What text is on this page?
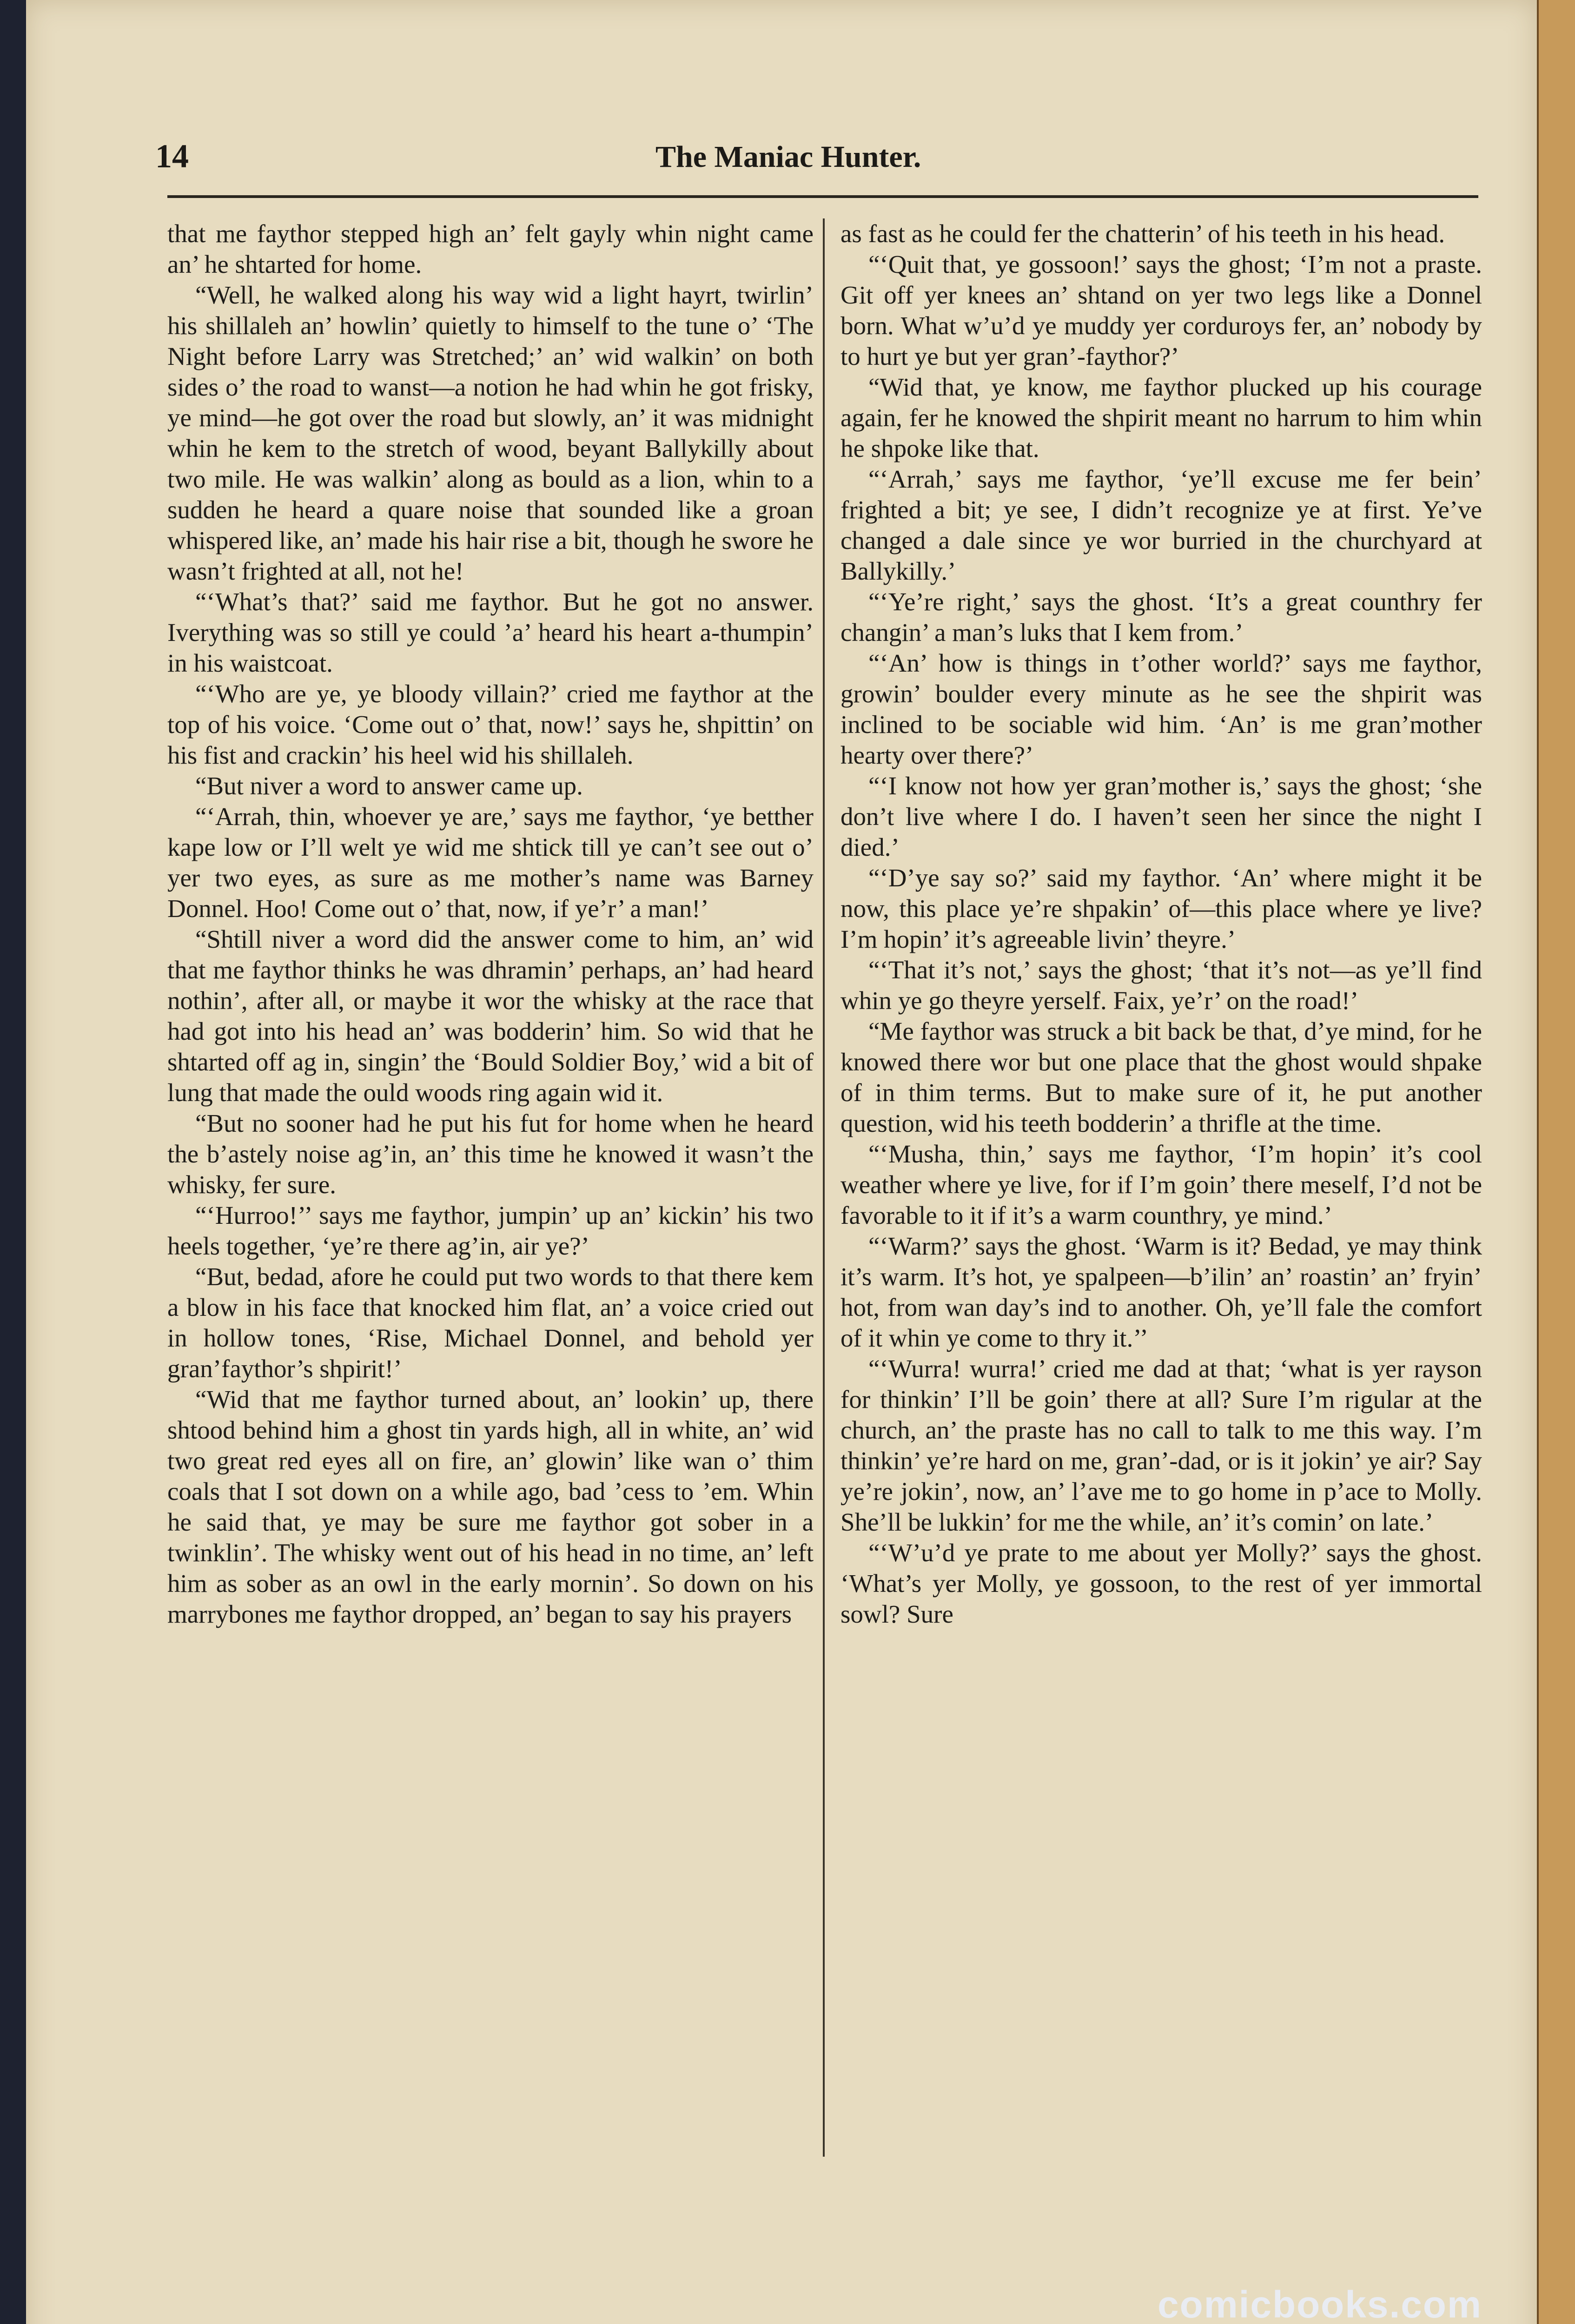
14	The Maniac Hunter.

that me faythor stepped high an’ felt gayly whin night came an’ he shtarted for home.

“Well, he walked along his way wid a light hayrt, twirlin’ his shillaleh an’ howlin’ quietly to himself to the tune o’ ‘The Night before Larry was Stretched;’ an’ wid walkin’ on both sides o’ the road to wanst—a notion he had whin he got frisky, ye mind—he got over the road but slowly, an’ it was midnight whin he kem to the stretch of wood, beyant Ballykilly about two mile. He was walkin’ along as bould as a lion, whin to a sudden he heard a quare noise that sounded like a groan whispered like, an’ made his hair rise a bit, though he swore he wasn’t frighted at all, not he!

“‘What’s that?’ said me faythor. But he got no answer. Iverything was so still ye could ’a’ heard his heart a-thumpin’ in his waistcoat.

“‘Who are ye, ye bloody villain?’ cried me faythor at the top of his voice. ‘Come out o’ that, now!’ says he, shpittin’ on his fist and crackin’ his heel wid his shillaleh.

“But niver a word to answer came up.

“‘Arrah, thin, whoever ye are,’ says me faythor, ‘ye betther kape low or I’ll welt ye wid me shtick till ye can’t see out o’ yer two eyes, as sure as me mother’s name was Barney Donnel. Hoo! Come out o’ that, now, if ye’r’ a man!’

“Shtill niver a word did the answer come to him, an’ wid that me faythor thinks he was dhramin’ perhaps, an’ had heard nothin’, after all, or maybe it wor the whisky at the race that had got into his head an’ was bodderin’ him. So wid that he shtarted off ag in, singin’ the ‘Bould Soldier Boy,’ wid a bit of lung that made the ould woods ring again wid it.

“But no sooner had he put his fut for home when he heard the b’astely noise ag’in, an’ this time he knowed it wasn’t the whisky, fer sure.

“‘Hurroo!’’ says me faythor, jumpin’ up an’ kickin’ his two heels together, ‘ye’re there ag’in, air ye?’

“But, bedad, afore he could put two words to that there kem a blow in his face that knocked him flat, an’ a voice cried out in hollow tones, ‘Rise, Michael Donnel, and behold yer gran’faythor’s shpirit!’

“Wid that me faythor turned about, an’ lookin’ up, there shtood behind him a ghost tin yards high, all in white, an’ wid two great red eyes all on fire, an’ glowin’ like wan o’ thim coals that I sot down on a while ago, bad ’cess to ’em. Whin he said that, ye may be sure me faythor got sober in a twinklin’. The whisky went out of his head in no time, an’ left him as sober as an owl in the early mornin’. So down on his marrybones me faythor dropped, an’ began to say his prayers

as fast as he could fer the chatterin’ of his teeth in his head.

“‘Quit that, ye gossoon!’ says the ghost; ‘I’m not a praste. Git off yer knees an’ shtand on yer two legs like a Donnel born. What w’u’d ye muddy yer corduroys fer, an’ nobody by to hurt ye but yer gran’-faythor?’

“Wid that, ye know, me faythor plucked up his courage again, fer he knowed the shpirit meant no harrum to him whin he shpoke like that.

“‘Arrah,’ says me faythor, ‘ye’ll excuse me fer bein’ frighted a bit; ye see, I didn’t recognize ye at first. Ye’ve changed a dale since ye wor burried in the churchyard at Ballykilly.’

“‘Ye’re right,’ says the ghost. ‘It’s a great counthry fer changin’ a man’s luks that I kem from.’

“‘An’ how is things in t’other world?’ says me faythor, growin’ boulder every minute as he see the shpirit was inclined to be sociable wid him. ‘An’ is me gran’mother hearty over there?’

“‘I know not how yer gran’mother is,’ says the ghost; ‘she don’t live where I do. I haven’t seen her since the night I died.’

“‘D’ye say so?’ said my faythor. ‘An’ where might it be now, this place ye’re shpakin’ of—this place where ye live? I’m hopin’ it’s agreeable livin’ theyre.’

“‘That it’s not,’ says the ghost; ‘that it’s not—as ye’ll find whin ye go theyre yerself. Faix, ye’r’ on the road!’

“Me faythor was struck a bit back be that, d’ye mind, for he knowed there wor but one place that the ghost would shpake of in thim terms. But to make sure of it, he put another question, wid his teeth bodderin’ a thrifle at the time.

“‘Musha, thin,’ says me faythor, ‘I’m hopin’ it’s cool weather where ye live, for if I’m goin’ there meself, I’d not be favorable to it if it’s a warm counthry, ye mind.’

“‘Warm?’ says the ghost. ‘Warm is it? Bedad, ye may think it’s warm. It’s hot, ye spalpeen—b’ilin’ an’ roastin’ an’ fryin’ hot, from wan day’s ind to another. Oh, ye’ll fale the comfort of it whin ye come to thry it.’’

“‘Wurra! wurra!’ cried me dad at that; ‘what is yer rayson for thinkin’ I’ll be goin’ there at all? Sure I’m rigular at the church, an’ the praste has no call to talk to me this way. I’m thinkin’ ye’re hard on me, gran’-dad, or is it jokin’ ye air? Say ye’re jokin’, now, an’ l’ave me to go home in p’ace to Molly. She’ll be lukkin’ for me the while, an’ it’s comin’ on late.’

“‘W’u’d ye prate to me about yer Molly?’ says the ghost. ‘What’s yer Molly, ye gossoon, to the rest of yer immortal sowl? Sure

comicbooks.com
